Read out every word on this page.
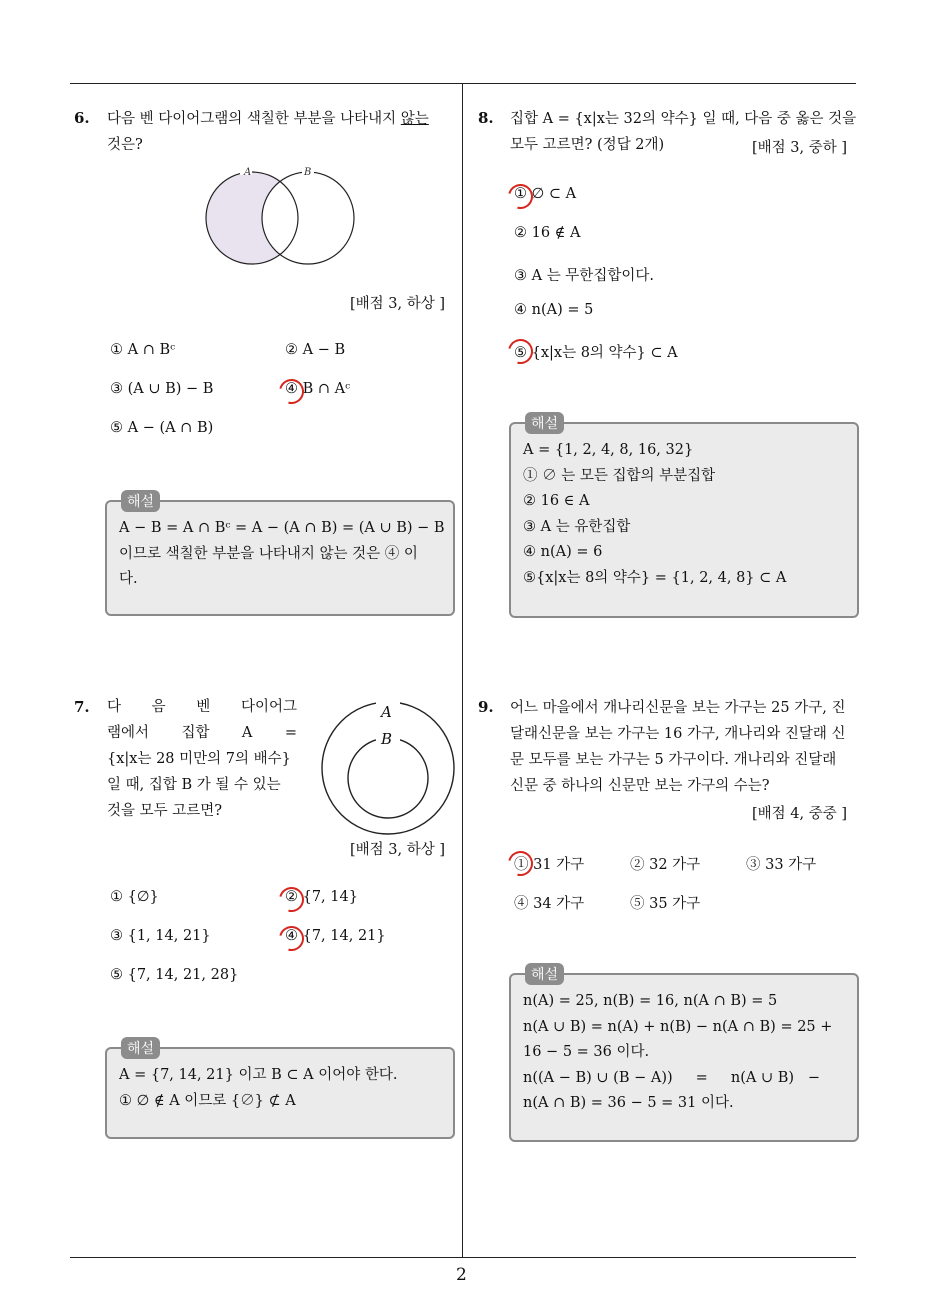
6. 다음 벤 다이어그램의 색칠한 부분을 나타내지 않는
것은?
A	B
[배점 3, 하상 ]
① A ∩ Bᶜ	② A − B
③ (A ∪ B) − B	④ B ∩ Aᶜ
⑤ A − (A ∩ B)
해설
A − B = A ∩ Bᶜ = A − (A ∩ B) = (A ∪ B) − B
이므로 색칠한 부분을 나타내지 않는 것은 ④ 이
다.
7. 다 음 벤 다이어그
램에서 집합 A =
{x|x는 28 미만의 7의 배수}
일 때, 집합 B 가 될 수 있는
것을 모두 고르면?
A
B
[배점 3, 하상 ]
① {∅}	② {7, 14}
③ {1, 14, 21}	④ {7, 14, 21}
⑤ {7, 14, 21, 28}
해설
A = {7, 14, 21} 이고 B ⊂ A 이어야 한다.
① ∅ ∉ A 이므로 {∅} ⊄ A
8. 집합 A = {x|x는 32의 약수} 일 때, 다음 중 옳은 것을
모두 고르면? (정답 2개)	[배점 3, 중하 ]
① ∅ ⊂ A
② 16 ∉ A
③ A 는 무한집합이다.
④ n(A) = 5
⑤ {x|x는 8의 약수} ⊂ A
해설
A = {1, 2, 4, 8, 16, 32}
① ∅ 는 모든 집합의 부분집합
② 16 ∈ A
③ A 는 유한집합
④ n(A) = 6
⑤{x|x는 8의 약수} = {1, 2, 4, 8} ⊂ A
9. 어느 마을에서 개나리신문을 보는 가구는 25 가구, 진
달래신문을 보는 가구는 16 가구, 개나리와 진달래 신
문 모두를 보는 가구는 5 가구이다. 개나리와 진달래
신문 중 하나의 신문만 보는 가구의 수는?
[배점 4, 중중 ]
① 31 가구	② 32 가구	③ 33 가구
④ 34 가구	⑤ 35 가구
해설
n(A) = 25, n(B) = 16, n(A ∩ B) = 5
n(A ∪ B) = n(A) + n(B) − n(A ∩ B) = 25 +
16 − 5 = 36 이다.
n((A − B) ∪ (B − A))     =     n(A ∪ B)   −
n(A ∩ B) = 36 − 5 = 31 이다.
2
